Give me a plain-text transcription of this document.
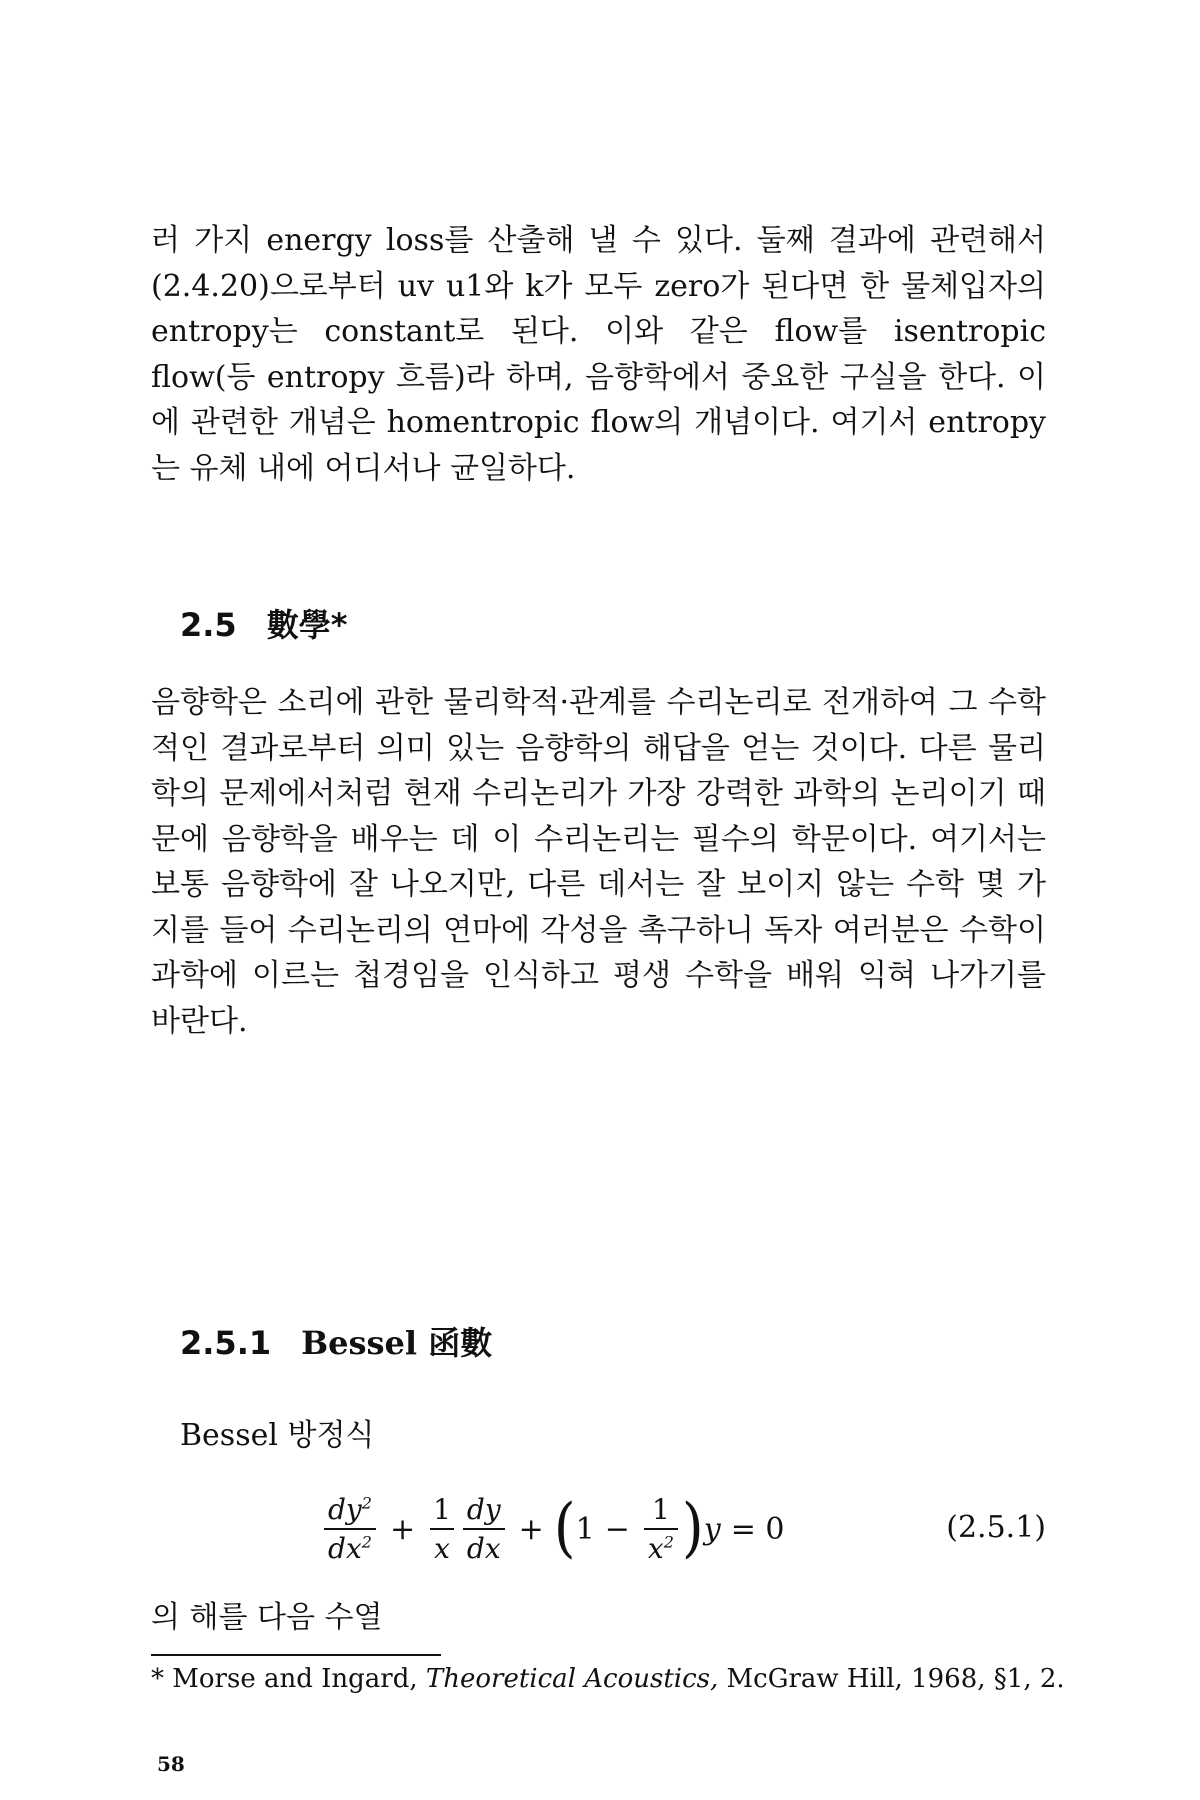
러 가지 energy loss를 산출해 낼 수 있다. 둘째 결과에 관련해서 (2.4.20)으로부터 uv u1와 k가 모두 zero가 된다면 한 물체입자의 entropy는 constant로 된다. 이와 같은 flow를 isentropic flow(등 entropy 흐름)라 하며, 음향학에서 중요한 구실을 한다. 이에 관련한 개념은 homentropic flow의 개념이다. 여기서 entropy는 유체 내에 어디서나 균일하다.

2.5 數學*

음향학은 소리에 관한 물리학적·관계를 수리논리로 전개하여 그 수학적인 결과로부터 의미 있는 음향학의 해답을 얻는 것이다. 다른 물리학의 문제에서처럼 현재 수리논리가 가장 강력한 과학의 논리이기 때문에 음향학을 배우는 데 이 수리논리는 필수의 학문이다. 여기서는 보통 음향학에 잘 나오지만, 다른 데서는 잘 보이지 않는 수학 몇 가지를 들어 수리논리의 연마에 각성을 촉구하니 독자 여러분은 수학이 과학에 이르는 첩경임을 인식하고 평생 수학을 배워 익혀 나가기를 바란다.

2.5.1 Bessel 函數

Bessel 방정식

$\frac{dy^2}{dx^2} + \frac{1}{x} \frac{dy}{dx}$ + ( $1 - \frac{1}{x^2}$ ) y = 0	(2.5.1)

의 해를 다음 수열

* Morse and Ingard, Theoretical Acoustics, McGraw Hill, 1968, §1, 2.

58
